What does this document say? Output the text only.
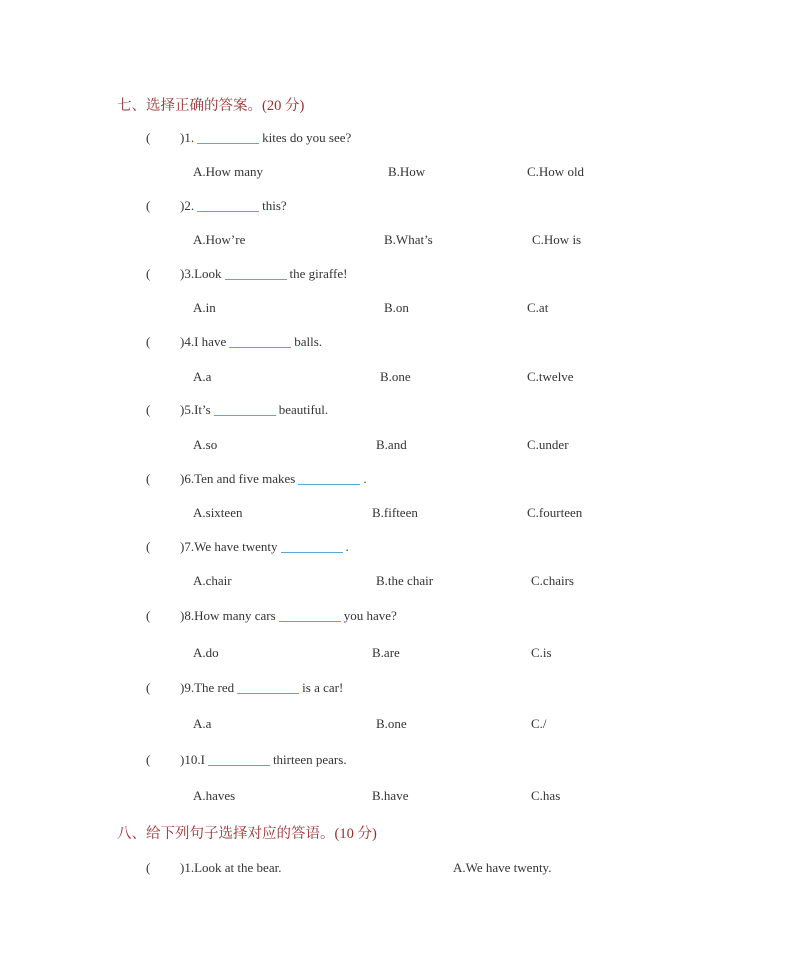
七、选择正确的答案。(20 分)
(	)1.	kites do you see?
A.How many	B.How	C.How old
(	)2.	this?
A.How’re	B.What’s	C.How is
(	)3. Look	the giraffe!
A.in	B.on	C.at
(	)4. I have	balls.
A.a	B.one	C.twelve
(	)5. It’s	beautiful.
A.so	B.and	C.under
(	)6. Ten and five makes	.
A.sixteen	B.fifteen	C.fourteen
(	)7. We have twenty	.
A.chair	B.the chair	C.chairs
(	)8. How many cars	you have?
A.do	B.are	C.is
(	)9. The red	is a car!
A.a	B.one	C./
(	)10. I	thirteen pears.
A.haves	B.have	C.has
八、给下列句子选择对应的答语。(10 分)
(	)1. Look at the bear.	A.We have twenty.
